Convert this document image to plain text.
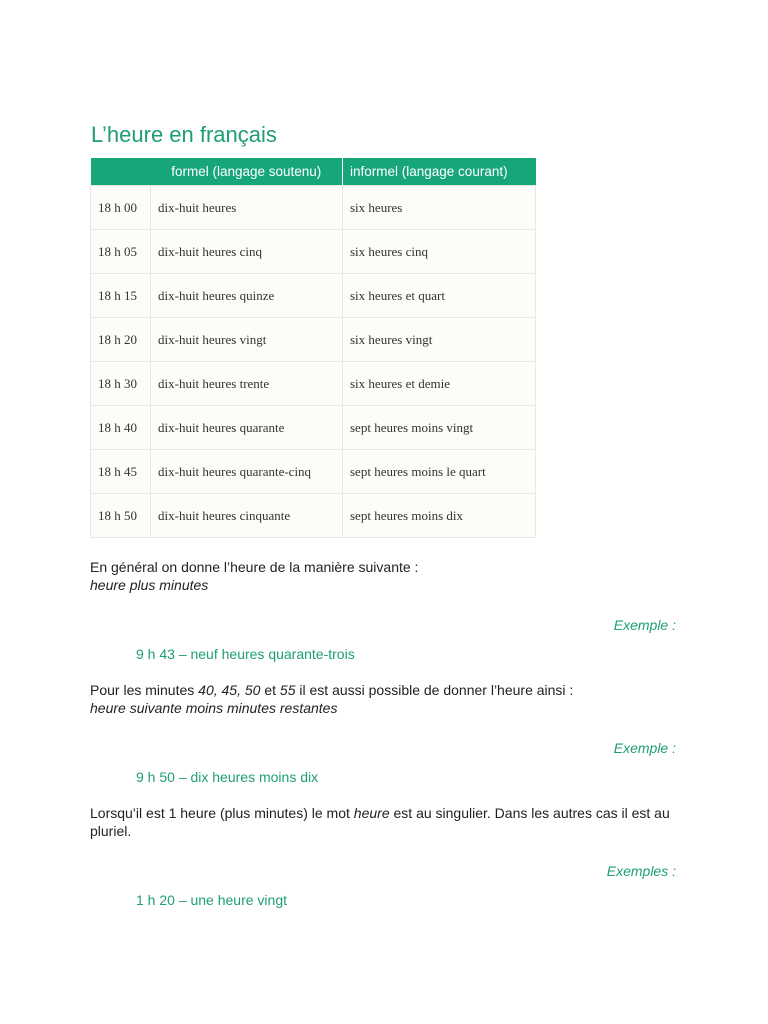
L’heure en français
	formel (langage soutenu)	informel (langage courant)
18 h 00	dix-huit heures	six heures
18 h 05	dix-huit heures cinq	six heures cinq
18 h 15	dix-huit heures quinze	six heures et quart
18 h 20	dix-huit heures vingt	six heures vingt
18 h 30	dix-huit heures trente	six heures et demie
18 h 40	dix-huit heures quarante	sept heures moins vingt
18 h 45	dix-huit heures quarante-cinq	sept heures moins le quart
18 h 50	dix-huit heures cinquante	sept heures moins dix

En général on donne l’heure de la manière suivante :
heure plus minutes

Exemple :
9 h 43 – neuf heures quarante-trois

Pour les minutes 40, 45, 50 et 55 il est aussi possible de donner l’heure ainsi :
heure suivante moins minutes restantes

Exemple :
9 h 50 – dix heures moins dix

Lorsqu’il est 1 heure (plus minutes) le mot heure est au singulier. Dans les autres cas il est au pluriel.

Exemples :
1 h 20 – une heure vingt
